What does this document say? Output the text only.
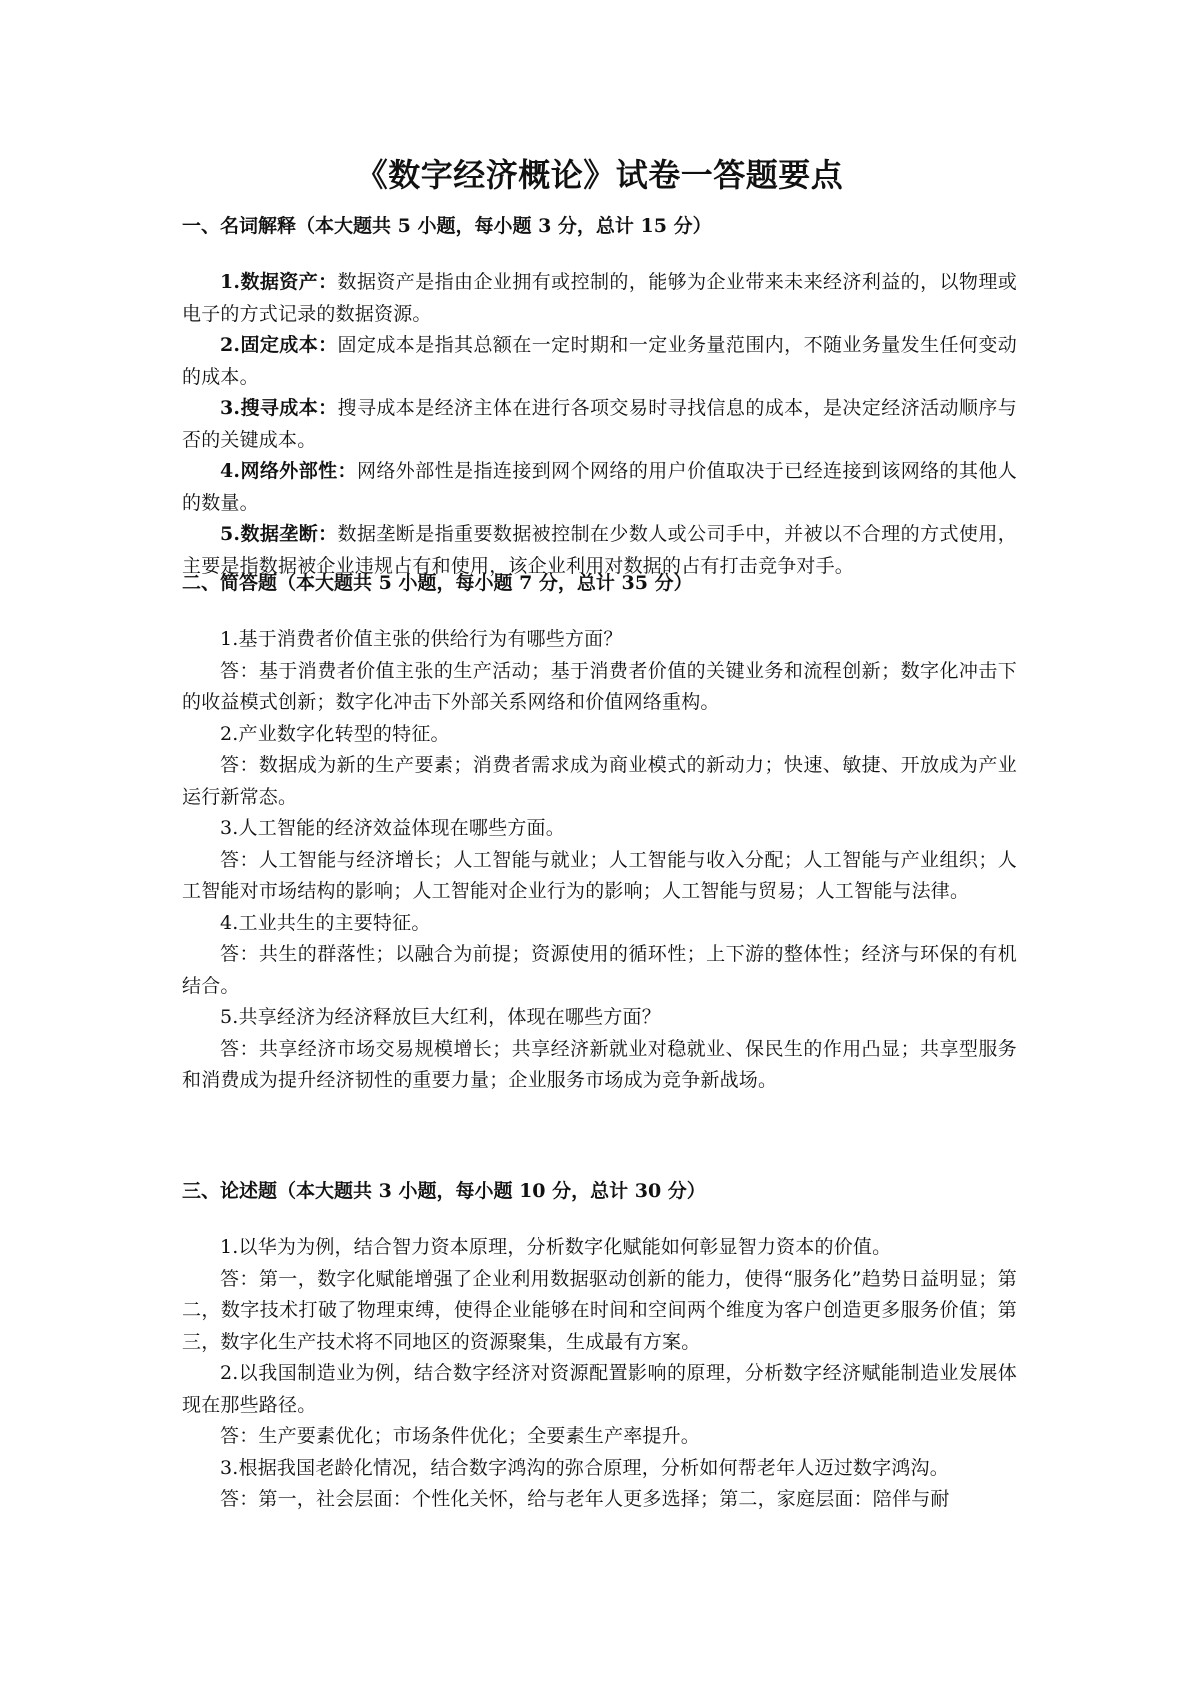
《数字经济概论》试卷一答题要点

一、名词解释（本大题共 5 小题，每小题 3 分，总计 15 分）

1.数据资产：数据资产是指由企业拥有或控制的，能够为企业带来未来经济利益的，以物理或电子的方式记录的数据资源。

2.固定成本：固定成本是指其总额在一定时期和一定业务量范围内，不随业务量发生任何变动的成本。

3.搜寻成本：搜寻成本是经济主体在进行各项交易时寻找信息的成本，是决定经济活动顺序与否的关键成本。

4.网络外部性：网络外部性是指连接到网个网络的用户价值取决于已经连接到该网络的其他人的数量。

5.数据垄断：数据垄断是指重要数据被控制在少数人或公司手中，并被以不合理的方式使用，主要是指数据被企业违规占有和使用，该企业利用对数据的占有打击竞争对手。

二、简答题（本大题共 5 小题，每小题 7 分，总计 35 分）

1.基于消费者价值主张的供给行为有哪些方面？

答：基于消费者价值主张的生产活动；基于消费者价值的关键业务和流程创新；数字化冲击下的收益模式创新；数字化冲击下外部关系网络和价值网络重构。

2.产业数字化转型的特征。

答：数据成为新的生产要素；消费者需求成为商业模式的新动力；快速、敏捷、开放成为产业运行新常态。

3.人工智能的经济效益体现在哪些方面。

答：人工智能与经济增长；人工智能与就业；人工智能与收入分配；人工智能与产业组织；人工智能对市场结构的影响；人工智能对企业行为的影响；人工智能与贸易；人工智能与法律。

4.工业共生的主要特征。

答：共生的群落性；以融合为前提；资源使用的循环性；上下游的整体性；经济与环保的有机结合。

5.共享经济为经济释放巨大红利，体现在哪些方面？

答：共享经济市场交易规模增长；共享经济新就业对稳就业、保民生的作用凸显；共享型服务和消费成为提升经济韧性的重要力量；企业服务市场成为竞争新战场。

三、论述题（本大题共 3 小题，每小题 10 分，总计 30 分）

1.以华为为例，结合智力资本原理，分析数字化赋能如何彰显智力资本的价值。

答：第一，数字化赋能增强了企业利用数据驱动创新的能力，使得“服务化”趋势日益明显；第二，数字技术打破了物理束缚，使得企业能够在时间和空间两个维度为客户创造更多服务价值；第三，数字化生产技术将不同地区的资源聚集，生成最有方案。

2.以我国制造业为例，结合数字经济对资源配置影响的原理，分析数字经济赋能制造业发展体现在那些路径。

答：生产要素优化；市场条件优化；全要素生产率提升。

3.根据我国老龄化情况，结合数字鸿沟的弥合原理，分析如何帮老年人迈过数字鸿沟。

答：第一，社会层面：个性化关怀，给与老年人更多选择；第二，家庭层面：陪伴与耐
